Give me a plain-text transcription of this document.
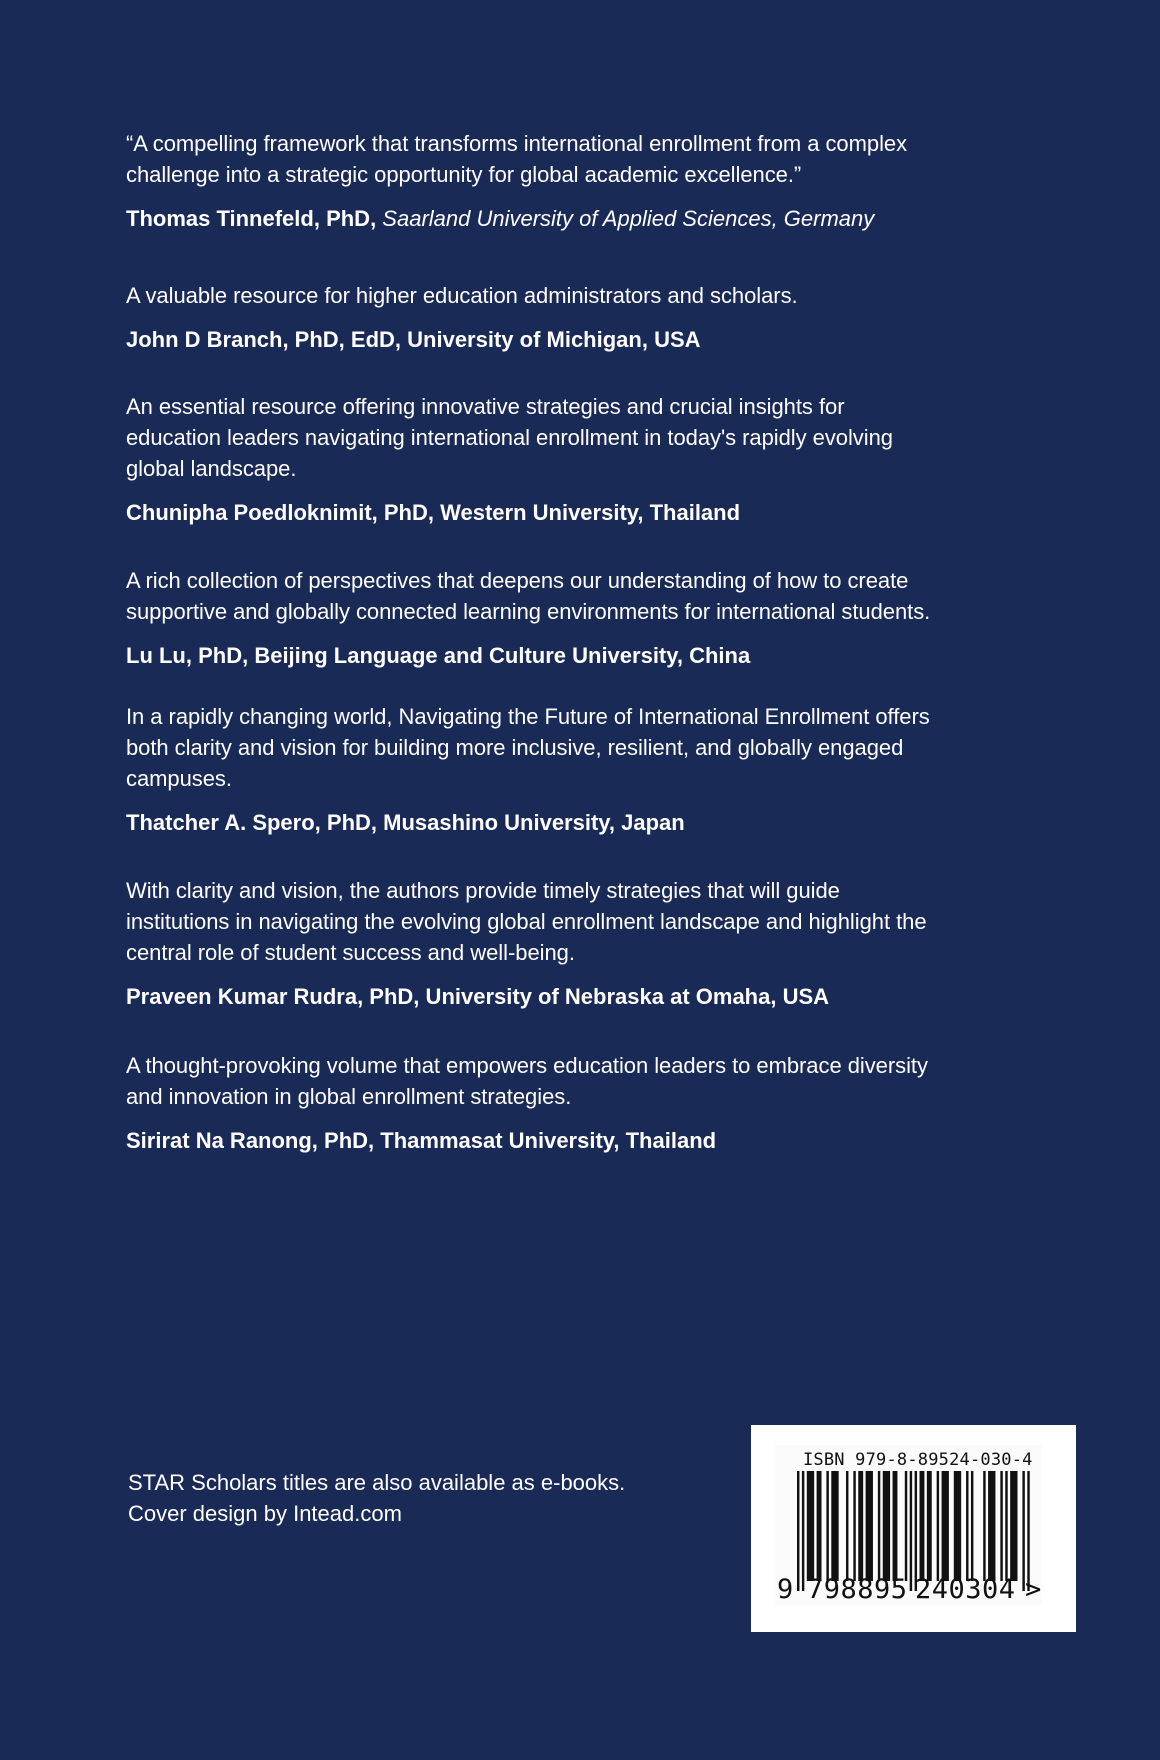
“A compelling framework that transforms international enrollment from a complex
challenge into a strategic opportunity for global academic excellence.”
Thomas Tinnefeld, PhD, Saarland University of Applied Sciences, Germany
A valuable resource for higher education administrators and scholars.
John D Branch, PhD, EdD, University of Michigan, USA
An essential resource offering innovative strategies and crucial insights for
education leaders navigating international enrollment in today's rapidly evolving
global landscape.
Chunipha Poedloknimit, PhD, Western University, Thailand
A rich collection of perspectives that deepens our understanding of how to create
supportive and globally connected learning environments for international students.
Lu Lu, PhD, Beijing Language and Culture University, China
In a rapidly changing world, Navigating the Future of International Enrollment offers
both clarity and vision for building more inclusive, resilient, and globally engaged
campuses.
Thatcher A. Spero, PhD, Musashino University, Japan
With clarity and vision, the authors provide timely strategies that will guide
institutions in navigating the evolving global enrollment landscape and highlight the
central role of student success and well-being.
Praveen Kumar Rudra, PhD, University of Nebraska at Omaha, USA
A thought-provoking volume that empowers education leaders to embrace diversity
and innovation in global enrollment strategies.
Sirirat Na Ranong, PhD, Thammasat University, Thailand
STAR Scholars titles are also available as e-books.
Cover design by Intead.com
ISBN 979-8-89524-030-4
9 798895 240304 >
